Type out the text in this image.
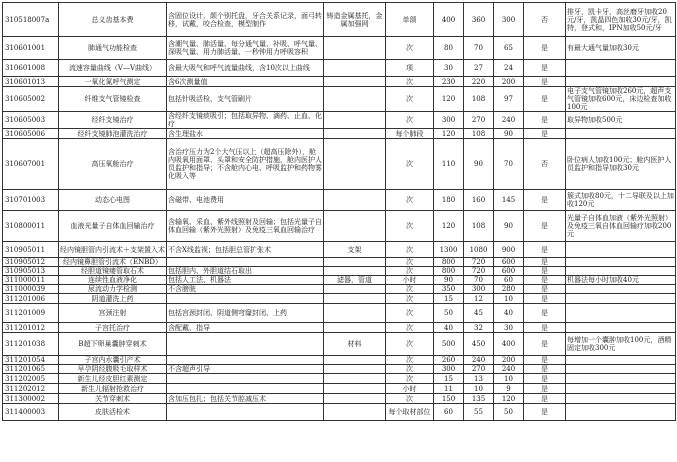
310518007a	总义齿基本费	含固位设计，颌个别托盘，牙合关系记录，面弓转移，试戴，咬合检查，模型制作	铸造金属基托，金属加强网	单颌	400	360	300	否	排牙，凯卡牙，高丝磨牙加收20元/牙，凯晶四色加收30元/牙，凯特，登式和，IPN加收50元/牙
310601001	肺通气功能检查	含潮气量、肺活量、每分通气量、补吸、呼气量、深吸气量、用力肺活量、一秒钟用力呼吸容积		次	80	70	65	是	有最大通气量加收30元
310601008	流速容量曲线（V—V曲线）	含最大吸气和呼气流量曲线，含10次以上曲线		项	30	27	24	是	
310601013	一氧化氮呼气测定	含6次测量值		次	230	220	200	是	
310605002	纤维支气管镜检查	包括针吸活检、支气管刷片		次	120	108	97	是	电子支气管镜加收260元，超声支气管镜加收600元，床边检查加收100元
310605003	经纤支镜治疗	含经纤支镜痰吸引；包括取异物、滴药、止血、化疗		次	300	270	240	是	取异物加收500元
310605006	经纤支镜肺泡灌洗治疗	含生理盐水		每个肺段	120	108	90	是	
310607001	高压氧舱治疗	含治疗压力为2个大气压以上（超高压除外），舱内吸氧用面罩、头罩和安全防护措施，舱内医护人员监护和指导；不含舱内心电、呼吸监护和药物雾化吸入等		次	110	90	70	否	卧位病人加收100元；舱内医护人员监护和指导加收30元
310701003	动态心电图	含磁带、电池费用		次	180	160	145	是	簇式加收80元，十二导联及以上加收120元
310800011	血液光量子自体血回输治疗	含输氧、采血、紫外线照射及回输；包括光量子自体血回输（紫外光照射）及免疫三氧血回输治疗		次	120	108	90	是	光量子自体血加液（紫外光照射）及免疫三氧自体血回输疗加收200元
310905011	经内镜胆管内引流术＋支架置入术	不含X线监视；包括胆总管扩张术	支架	次	1300	1080	900	是	
310905012	经内镜鼻胆管引流术（ENBD）			次	800	720	600	是	
310905013	经胆道镜瘘管取石术	包括胆内、外胆道结石取出		次	800	720	600	是	
311000011	连续性血液净化	包括人工法、机器法	滤器，管道	小时	90	70	60	是	机器法每小时加收40元
311000039	尿流动力学检测	不含膀胱		次	350	300	280	是	
311201006	阴道灌洗上药			次	15	12	10	是	
311201009	宫颈注射	包括宫颈封闭、阴道侧穹窿封闭、上药		次	50	45	40	是	
311201012	子宫托治疗	含配戴、指导		次	40	32	30	是	
311201038	B超下卵巢囊肿穿刺术		材料	次	500	450	400	是	每增加一个囊肿加收100元，酒精固定加收300元
311201054	子宫内水囊引产术			次	260	240	200	是	
311201065	早孕阴经腹吸毛取样术	不含超声引导		次	300	270	240	是	
311202005	新生儿经皮胆红素测定			次	15	13	10	是	
311202012	新生儿辐射抢救治疗			小时	11	10	9	是	
311300002	关节穿刺术	含加压包扎；包括关节腔减压术		次	150	135	120	是	
311400003	皮肤活检术			每个取材部位	60	55	50	是	
